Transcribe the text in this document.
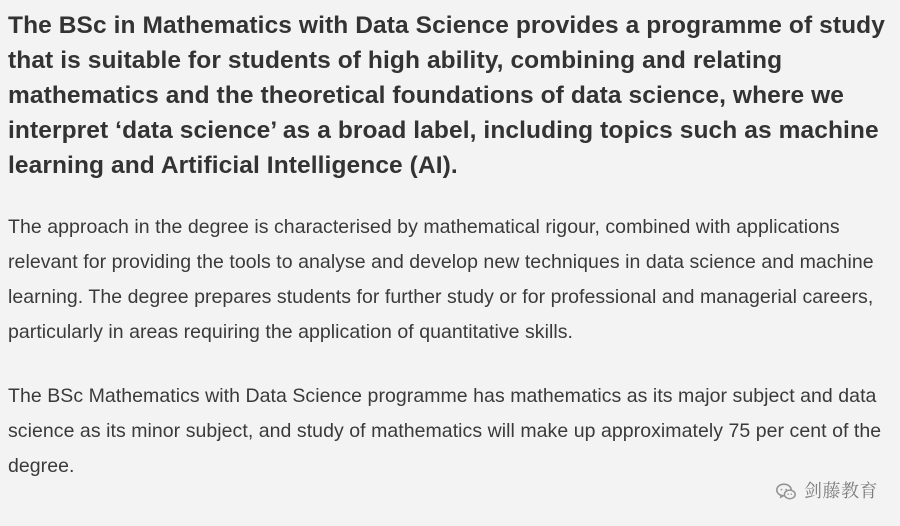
The BSc in Mathematics with Data Science provides a programme of study that is suitable for students of high ability, combining and relating mathematics and the theoretical foundations of data science, where we interpret ‘data science’ as a broad label, including topics such as machine learning and Artificial Intelligence (AI).

The approach in the degree is characterised by mathematical rigour, combined with applications relevant for providing the tools to analyse and develop new techniques in data science and machine learning. The degree prepares students for further study or for professional and managerial careers, particularly in areas requiring the application of quantitative skills.

The BSc Mathematics with Data Science programme has mathematics as its major subject and data science as its minor subject, and study of mathematics will make up approximately 75 per cent of the degree.

剑藤教育
